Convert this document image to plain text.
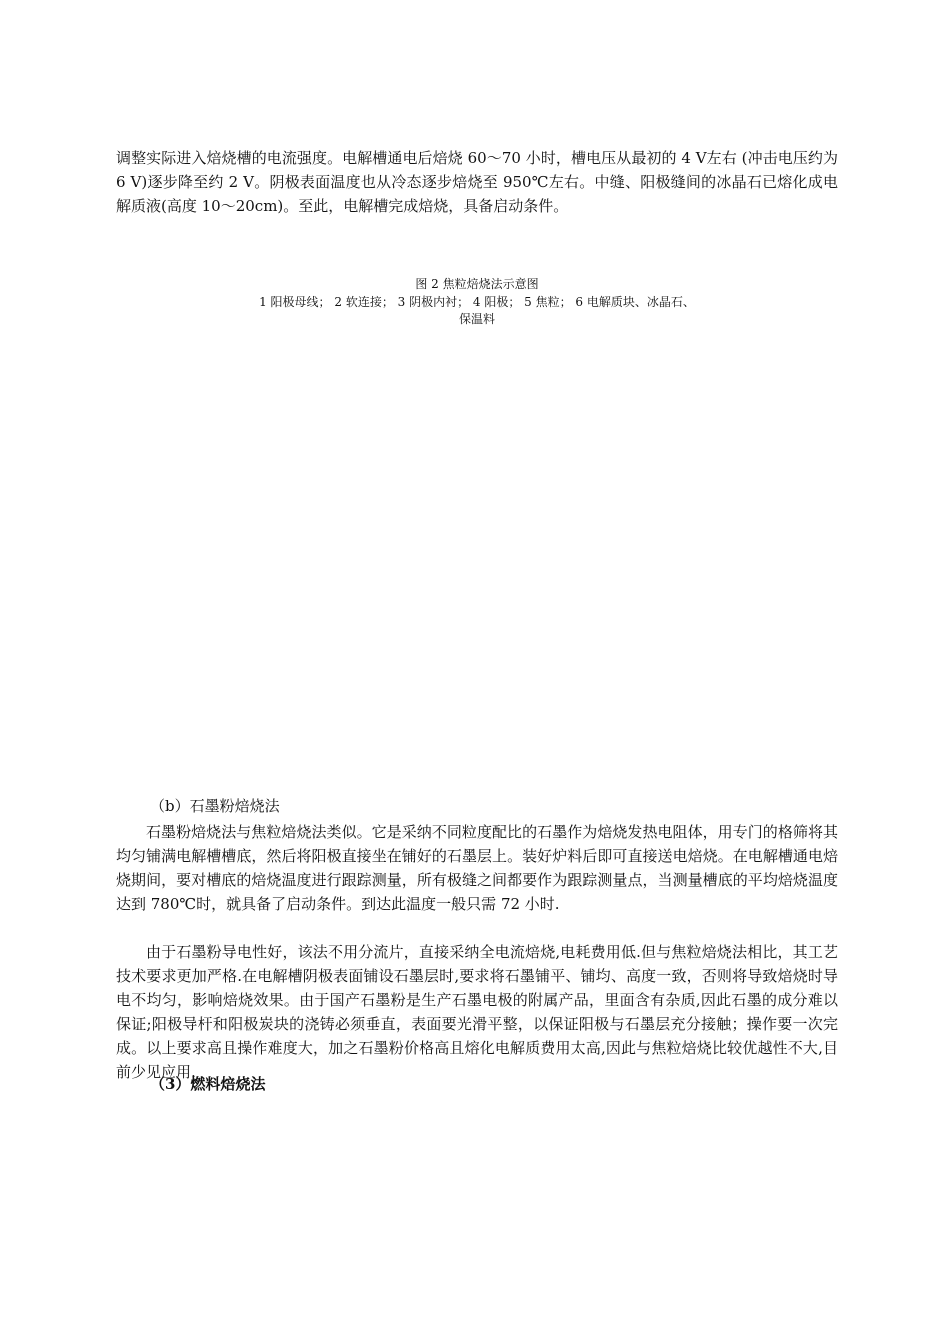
调整实际进入焙烧槽的电流强度。电解槽通电后焙烧 60～70 小时，槽电压从最初的 4 V左右 (冲击电压约为 6 V)逐步降至约 2 V。阴极表面温度也从冷态逐步焙烧至 950℃左右。中缝、阳极缝间的冰晶石已熔化成电解质液(高度 10～20cm)。至此，电解槽完成焙烧，具备启动条件。

图 2 焦粒焙烧法示意图
1 阳极母线； 2 软连接； 3 阴极内衬； 4 阳极； 5 焦粒； 6 电解质块、冰晶石、
保温料
（b）石墨粉焙烧法

石墨粉焙烧法与焦粒焙烧法类似。它是采纳不同粒度配比的石墨作为焙烧发热电阻体，用专门的格筛将其均匀铺满电解槽槽底，然后将阳极直接坐在铺好的石墨层上。装好炉料后即可直接送电焙烧。在电解槽通电焙烧期间，要对槽底的焙烧温度进行跟踪测量，所有极缝之间都要作为跟踪测量点，当测量槽底的平均焙烧温度达到 780℃时，就具备了启动条件。到达此温度一般只需 72 小时.

由于石墨粉导电性好，该法不用分流片，直接采纳全电流焙烧,电耗费用低.但与焦粒焙烧法相比，其工艺技术要求更加严格.在电解槽阴极表面铺设石墨层时,要求将石墨铺平、铺均、高度一致，否则将导致焙烧时导电不均匀，影响焙烧效果。由于国产石墨粉是生产石墨电极的附属产品，里面含有杂质,因此石墨的成分难以保证;阳极导杆和阳极炭块的浇铸必须垂直，表面要光滑平整，以保证阳极与石墨层充分接触；操作要一次完成。以上要求高且操作难度大，加之石墨粉价格高且熔化电解质费用太高,因此与焦粒焙烧比较优越性不大,目前少见应用.

（3）燃料焙烧法
